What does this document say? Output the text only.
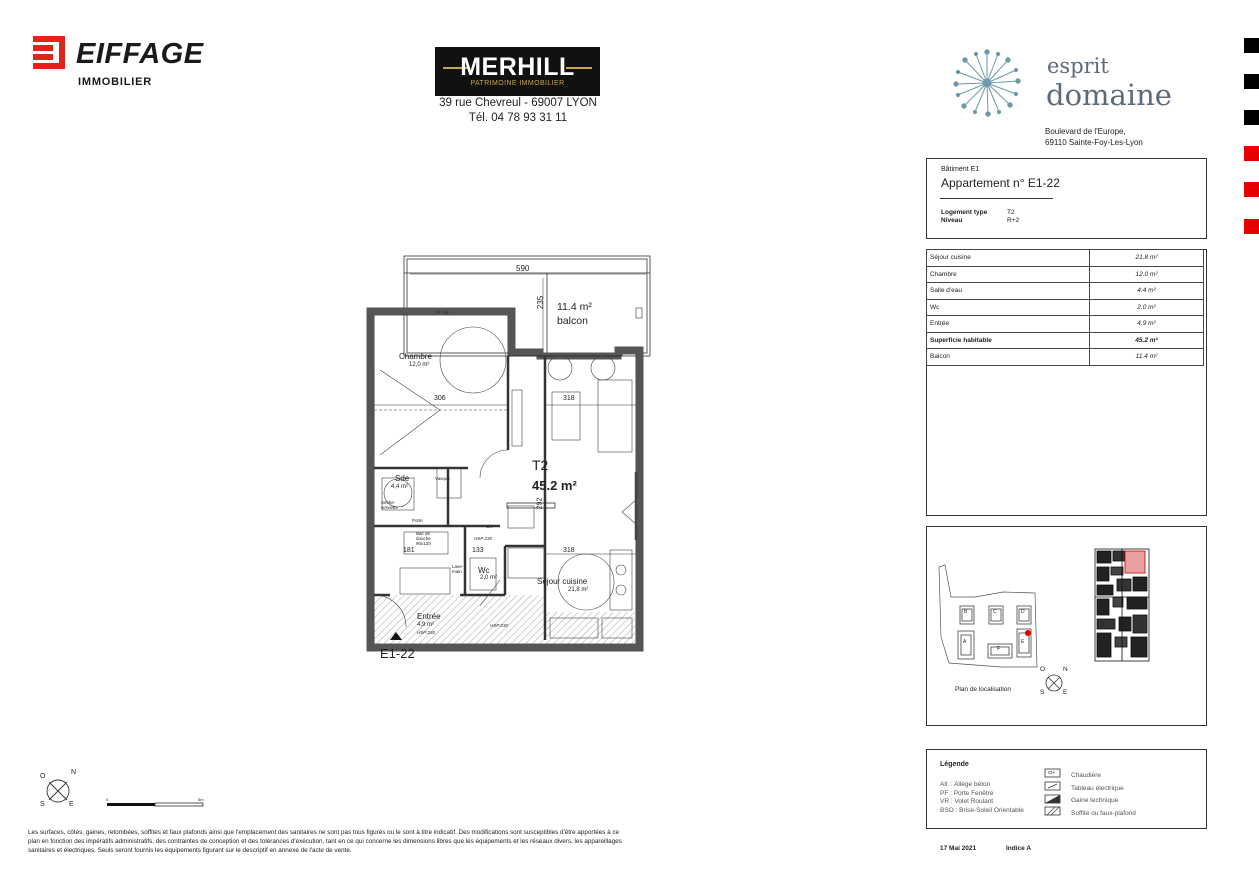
EIFFAGE
IMMOBILIER
MERHILL
PATRIMOINE IMMOBILIER
39 rue Chevreul - 69007 LYON
Tél. 04 78 93 31 11
esprit
domaine
Boulevard de l'Europe,
69110 Sainte-Foy-Les-Lyon
Bâtiment E1
Appartement n° E1-22
Logement type	T2
Niveau	R+2
Séjour cuisine	21.8 m²
Chambre	12.0 m²
Salle d'eau	4.4 m²
Wc	2.0 m²
Entrée	4.9 m²
Superficie habitable	45.2 m²
Balcon	11.4 m²
Plan de localisation
O	N
S	E
B	C	D
A
F
E
Légende
All. : Allège béton
PF : Porte Fenêtre
VR : Volet Roulant
BSO : Brise-Soleil Orientable
CH	Chaudière
Tableau électrique
Gaine technique
Soffite ou faux-plafond
17 Mai 2021	Indice A
O
N
S	E
0	5m
Les surfaces, côtes, gaines, retombées, soffites et faux plafonds ainsi que l'emplacement des sanitaires ne sont pas tous figurés ou le sont à titre indicatif. Des modifications sont susceptibles d'être apportées à ce plan en fonction des impératifs administratifs, des contraintes de conception et des tolérances d'exécution, tant en ce qui concerne les dimensions libres que les équipements et les réseaux divers, les appareillages sanitaires et électriques. Seuls seront fournis les équipements figurant sur le descriptif en annexe de l'acte de vente.
590
235 11.4 m²
balcon
PF · VR
Chambre
12,0 m²
306	318
T2
45.2 m²
292
Sde
4,4 m²
Vasque
Sèche-serviette
Porte
Bac de douche 90x120
HSP:230
CH
181	133	318
Lave-main	Wc
2,0 m²	Séjour cuisine
21,8 m²
Entrée
4,9 m²
HSP:230
HSP:230
E1-22
